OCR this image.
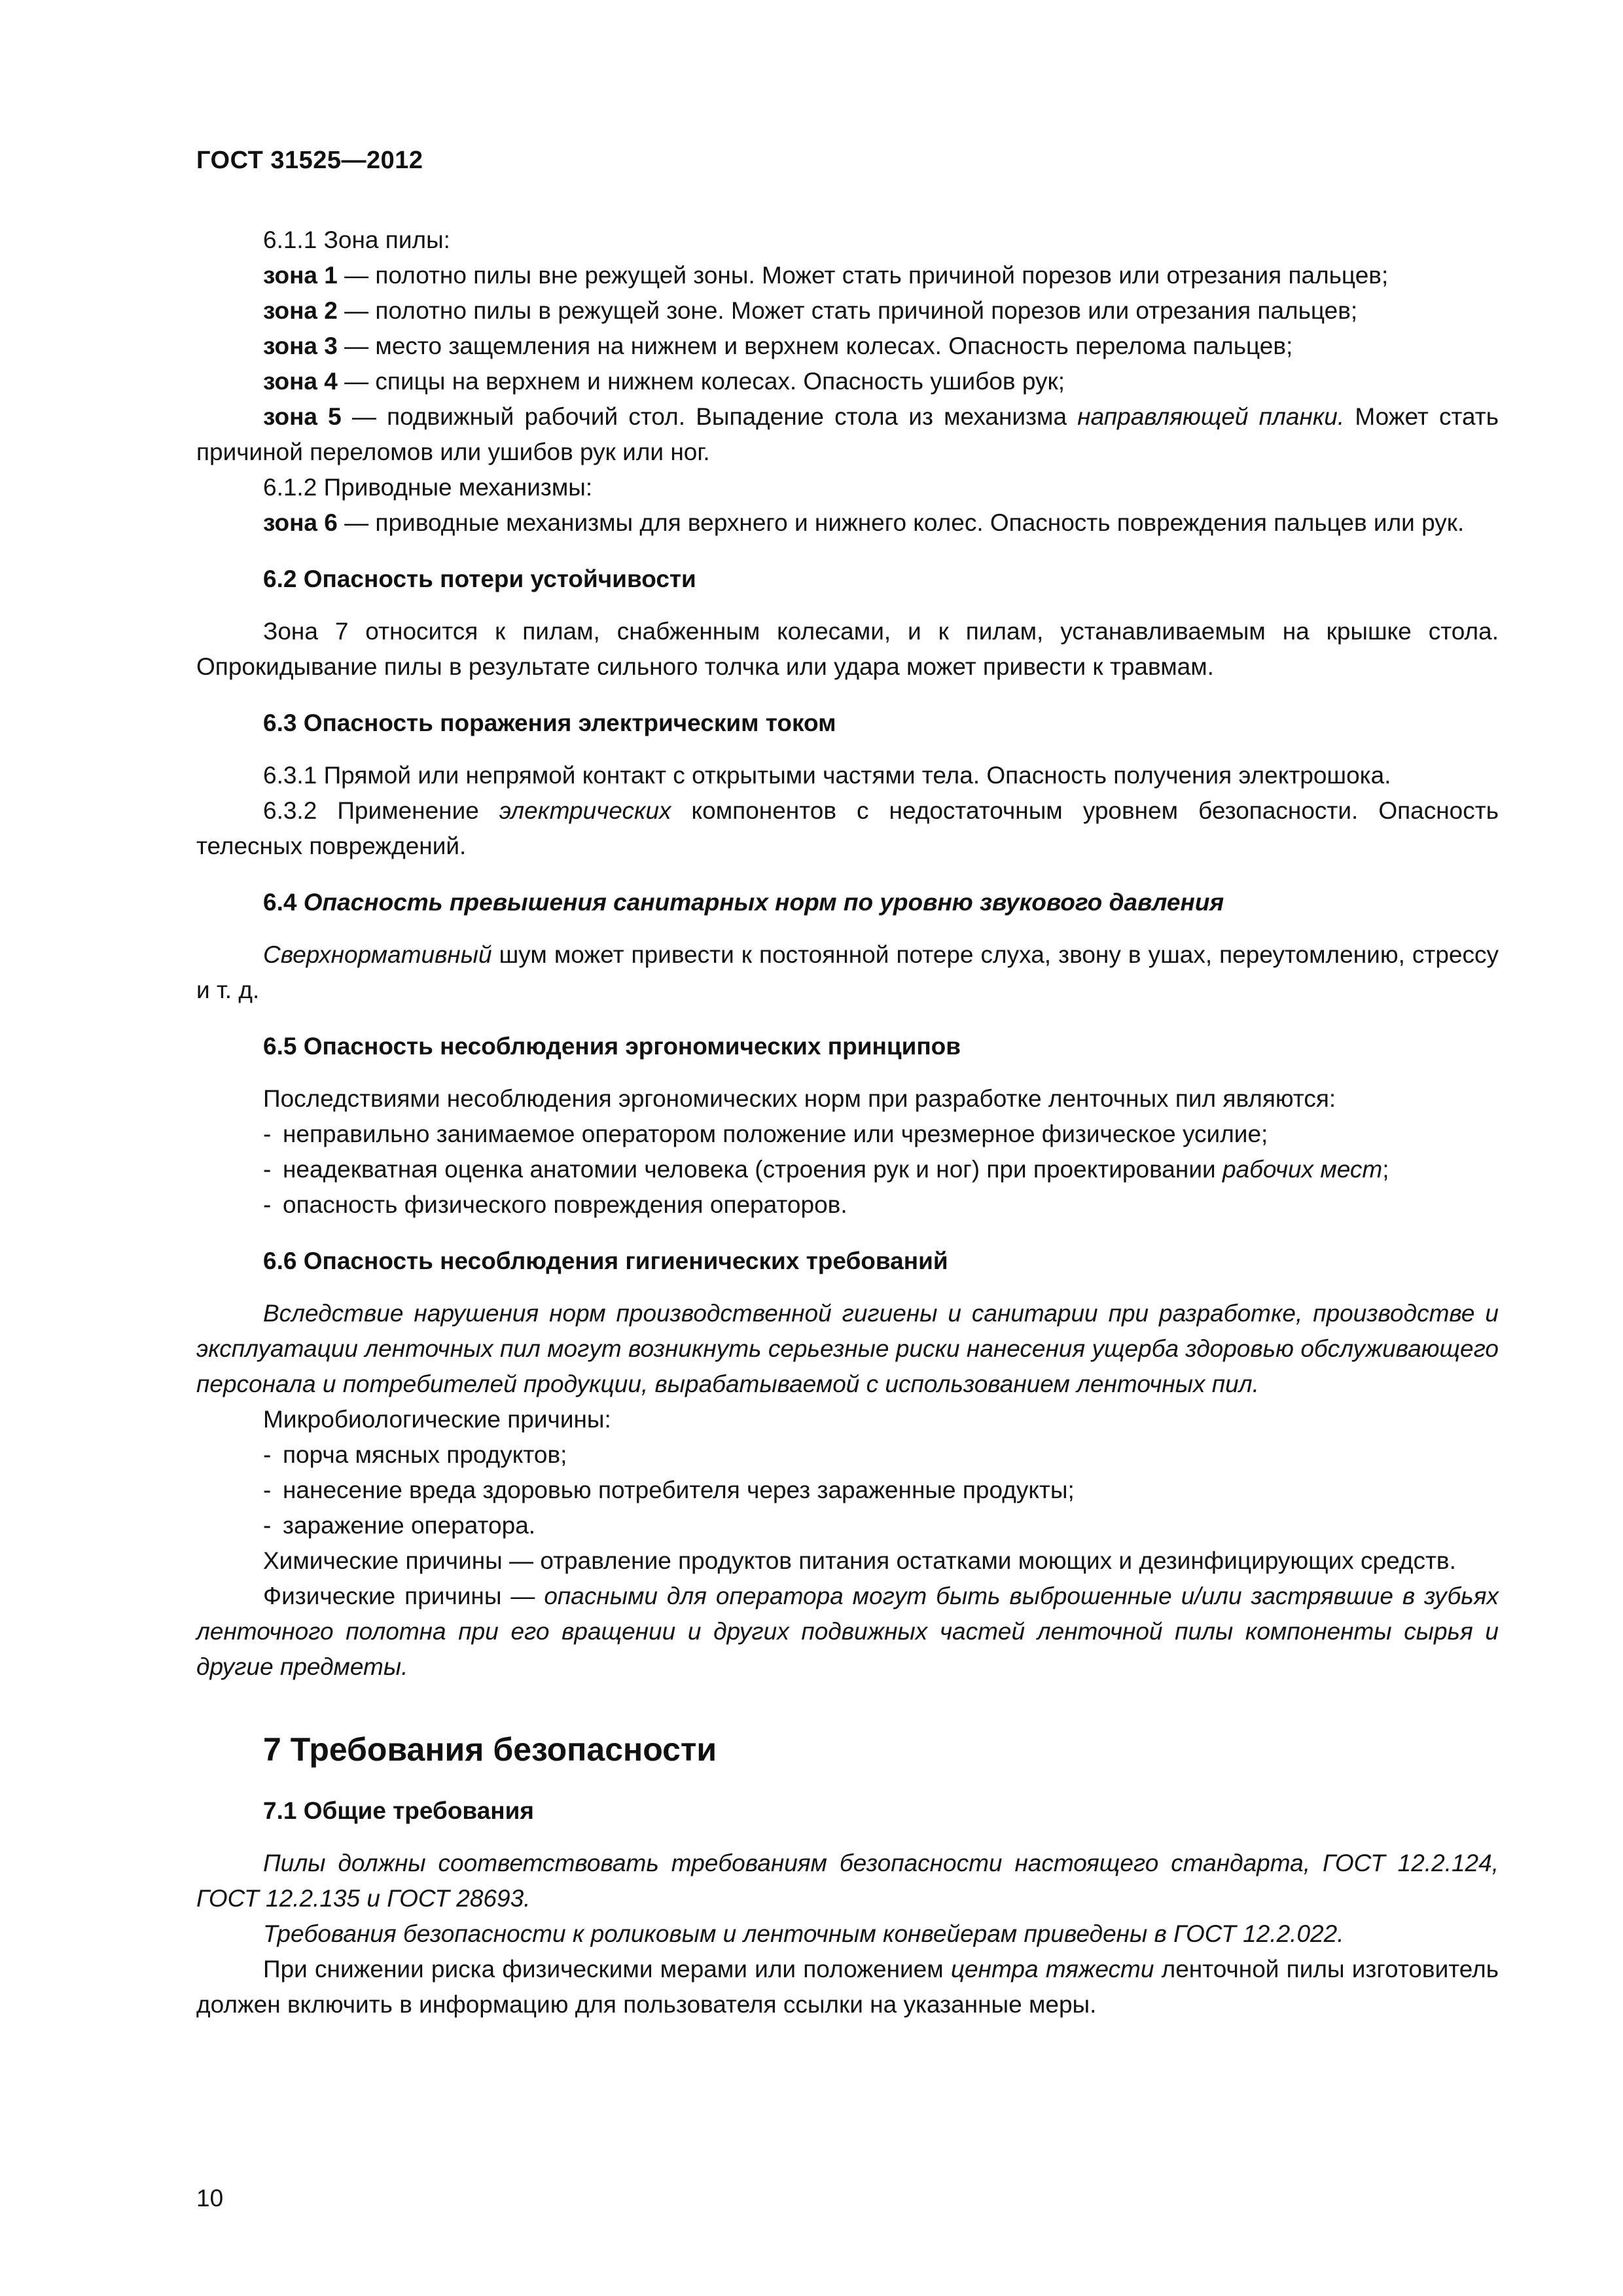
ГОСТ 31525—2012

6.1.1 Зона пилы:

зона 1 — полотно пилы вне режущей зоны. Может стать причиной порезов или отрезания пальцев;

зона 2 — полотно пилы в режущей зоне. Может стать причиной порезов или отрезания пальцев;

зона 3 — место защемления на нижнем и верхнем колесах. Опасность перелома пальцев;

зона 4 — спицы на верхнем и нижнем колесах. Опасность ушибов рук;

зона 5 — подвижный рабочий стол. Выпадение стола из механизма направляющей планки. Может стать причиной переломов или ушибов рук или ног.

6.1.2 Приводные механизмы:

зона 6 — приводные механизмы для верхнего и нижнего колес. Опасность повреждения пальцев или рук.

6.2 Опасность потери устойчивости

Зона 7 относится к пилам, снабженным колесами, и к пилам, устанавливаемым на крышке стола. Опрокидывание пилы в результате сильного толчка или удара может привести к травмам.

6.3 Опасность поражения электрическим током

6.3.1 Прямой или непрямой контакт с открытыми частями тела. Опасность получения электрошока.

6.3.2 Применение электрических компонентов с недостаточным уровнем безопасности. Опасность телесных повреждений.

6.4 Опасность превышения санитарных норм по уровню звукового давления

Сверхнормативный шум может привести к постоянной потере слуха, звону в ушах, переутомлению, стрессу и т. д.

6.5 Опасность несоблюдения эргономических принципов

Последствиями несоблюдения эргономических норм при разработке ленточных пил являются:

- неправильно занимаемое оператором положение или чрезмерное физическое усилие;

- неадекватная оценка анатомии человека (строения рук и ног) при проектировании рабочих мест;

- опасность физического повреждения операторов.

6.6 Опасность несоблюдения гигиенических требований

Вследствие нарушения норм производственной гигиены и санитарии при разработке, производстве и эксплуатации ленточных пил могут возникнуть серьезные риски нанесения ущерба здоровью обслуживающего персонала и потребителей продукции, вырабатываемой с использованием ленточных пил.

Микробиологические причины:

- порча мясных продуктов;

- нанесение вреда здоровью потребителя через зараженные продукты;

- заражение оператора.

Химические причины — отравление продуктов питания остатками моющих и дезинфицирующих средств.

Физические причины — опасными для оператора могут быть выброшенные и/или застрявшие в зубьях ленточного полотна при его вращении и других подвижных частей ленточной пилы компоненты сырья и другие предметы.

7 Требования безопасности

7.1 Общие требования

Пилы должны соответствовать требованиям безопасности настоящего стандарта, ГОСТ 12.2.124, ГОСТ 12.2.135 и ГОСТ 28693.

Требования безопасности к роликовым и ленточным конвейерам приведены в ГОСТ 12.2.022.

При снижении риска физическими мерами или положением центра тяжести ленточной пилы изготовитель должен включить в информацию для пользователя ссылки на указанные меры.

10
